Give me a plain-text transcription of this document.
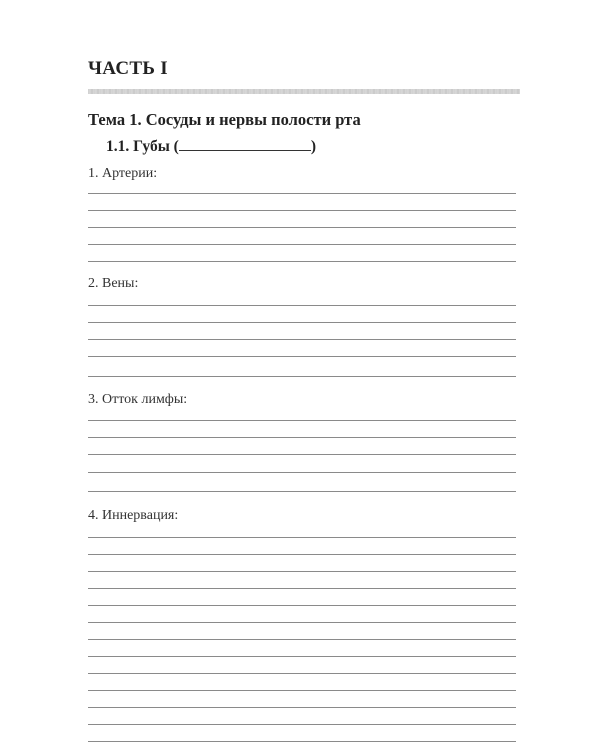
ЧАСТЬ I
Тема 1. Сосуды и нервы полости рта
1.1. Губы (	)
1. Артерии:
2. Вены:
3. Отток лимфы:
4. Иннервация:
